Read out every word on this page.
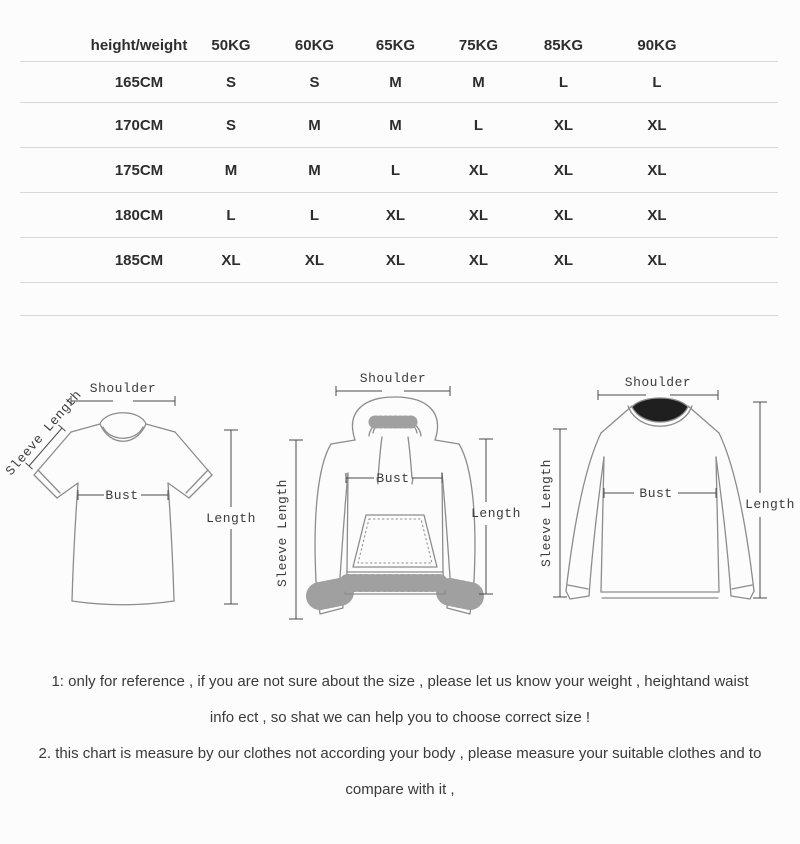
height/weight	50KG	60KG	65KG	75KG	85KG	90KG
165CM	S	S	M	M	L	L
170CM	S	M	M	L	XL	XL
175CM	M	M	L	XL	XL	XL
180CM	L	L	XL	XL	XL	XL
185CM	XL	XL	XL	XL	XL	XL
Shoulder
Sleeve Length
Bust
Length
Shoulder
Sleeve Length
Bust
Length
Shoulder
Sleeve Length	Bust
Length

1: only for reference , if you are not sure about the size , please let us know your weight , heightand waist

info ect , so shat we can help you to choose correct size !

2. this chart is measure by our clothes not according your body , please measure your suitable clothes and to

compare with it ,
